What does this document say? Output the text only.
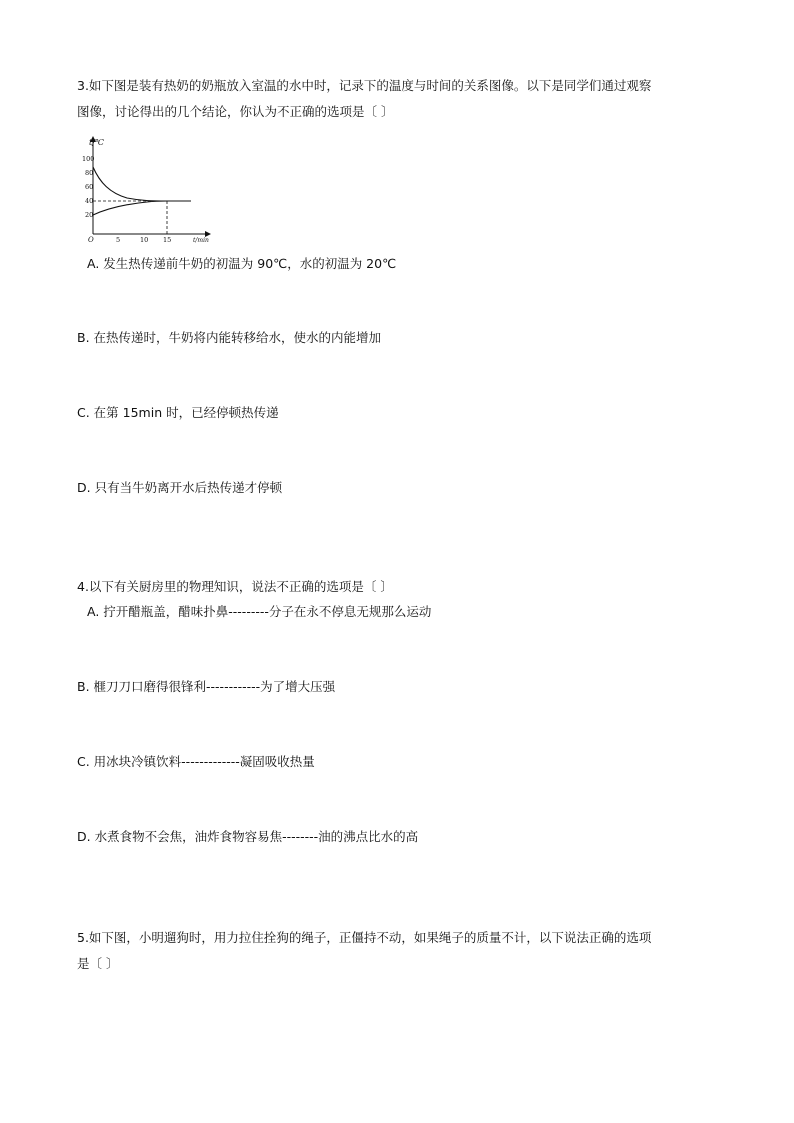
3.如下图是装有热奶的奶瓶放入室温的水中时，记录下的温度与时间的关系图像。以下是同学们通过观察
图像，讨论得出的几个结论，你认为不正确的选项是〔 〕
t/℃
100
80
60
40
20
O	5	10 15	t/min
A. 发生热传递前牛奶的初温为 90℃，水的初温为 20℃
B. 在热传递时，牛奶将内能转移给水，使水的内能增加
C. 在第 15min 时，已经停顿热传递
D. 只有当牛奶离开水后热传递才停顿
4.以下有关厨房里的物理知识，说法不正确的选项是〔 〕
A. 拧开醋瓶盖，醋味扑鼻---------分子在永不停息无规那么运动
B. 榧刀刀口磨得很锋利------------为了增大压强
C. 用冰块冷镇饮料-------------凝固吸收热量
D. 水煮食物不会焦，油炸食物容易焦--------油的沸点比水的高
5.如下图，小明遛狗时，用力拉住拴狗的绳子，正僵持不动，如果绳子的质量不计，以下说法正确的选项
是〔 〕
